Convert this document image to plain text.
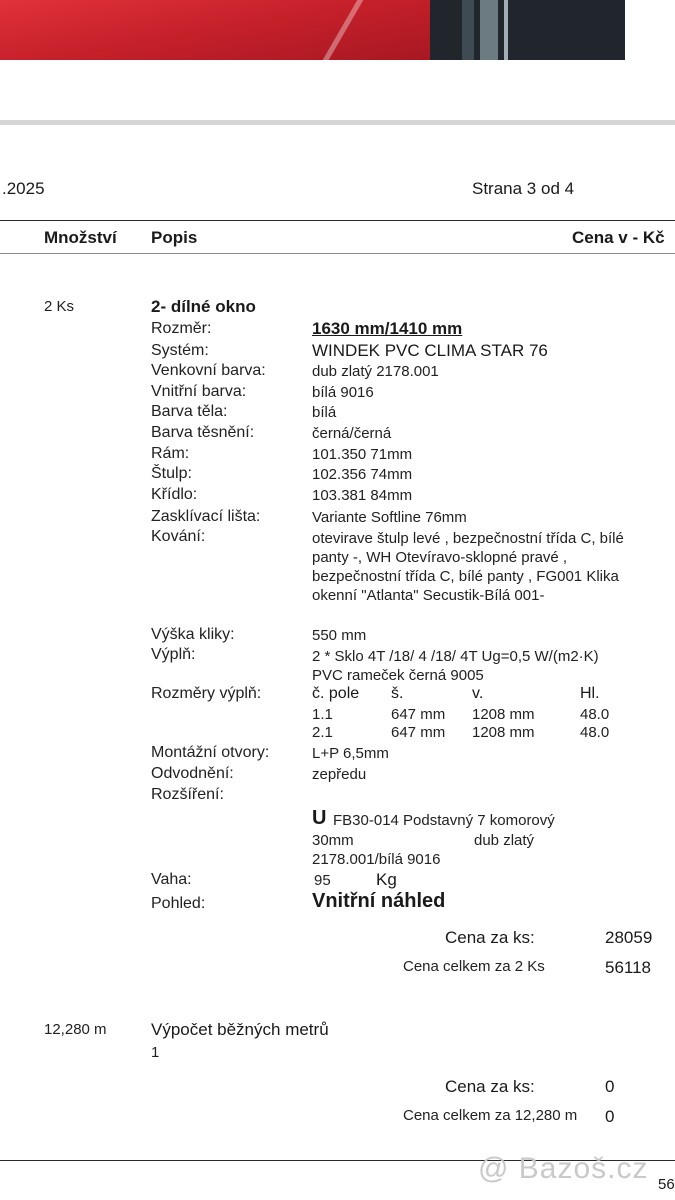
.2025	Strana 3 od 4
Množství Popis	Cena v - Kč
2 Ks	2- dílné okno
Rozměr:	1630 mm/1410 mm
Systém:	WINDEK PVC CLIMA STAR 76
Venkovní barva:	dub zlatý 2178.001
Vnitřní barva:	bílá 9016
Barva těla:	bílá
Barva těsnění:	černá/černá
Rám:	101.350 71mm
Štulp:	102.356 74mm
Křídlo:	103.381 84mm
Zasklívací lišta:	Variante Softline 76mm
Kování:	otevirave štulp levé , bezpečnostní třída C, bílé panty -, WH Otevíravo-sklopné pravé , bezpečnostní třída C, bílé panty , FG001 Klika okenní "Atlanta" Secustik-Bílá 001-
Výška kliky:	550 mm
Výplň:	2 * Sklo 4T /18/ 4 /18/ 4T Ug=0,5 W/(m2·K) PVC rameček černá 9005
Rozměry výplň:	č. pole š.	v.	Hl.
1.1	647 mm 1208 mm	48.0
2.1	647 mm 1208 mm	48.0
Montážní otvory:	L+P 6,5mm
Odvodnění:	zepředu
Rozšíření:
U FB30-014 Podstavný 7 komorový
30mm	dub zlatý
2178.001/bílá 9016
Vaha:	95	Kg
Pohled:	Vnitřní náhled
Cena za ks:	28059
Cena celkem za 2 Ks	56118
12,280 m	Výpočet běžných metrů
1
Cena za ks:	0
Cena celkem za 12,280 m 0
@ Bazoš.cz 56
